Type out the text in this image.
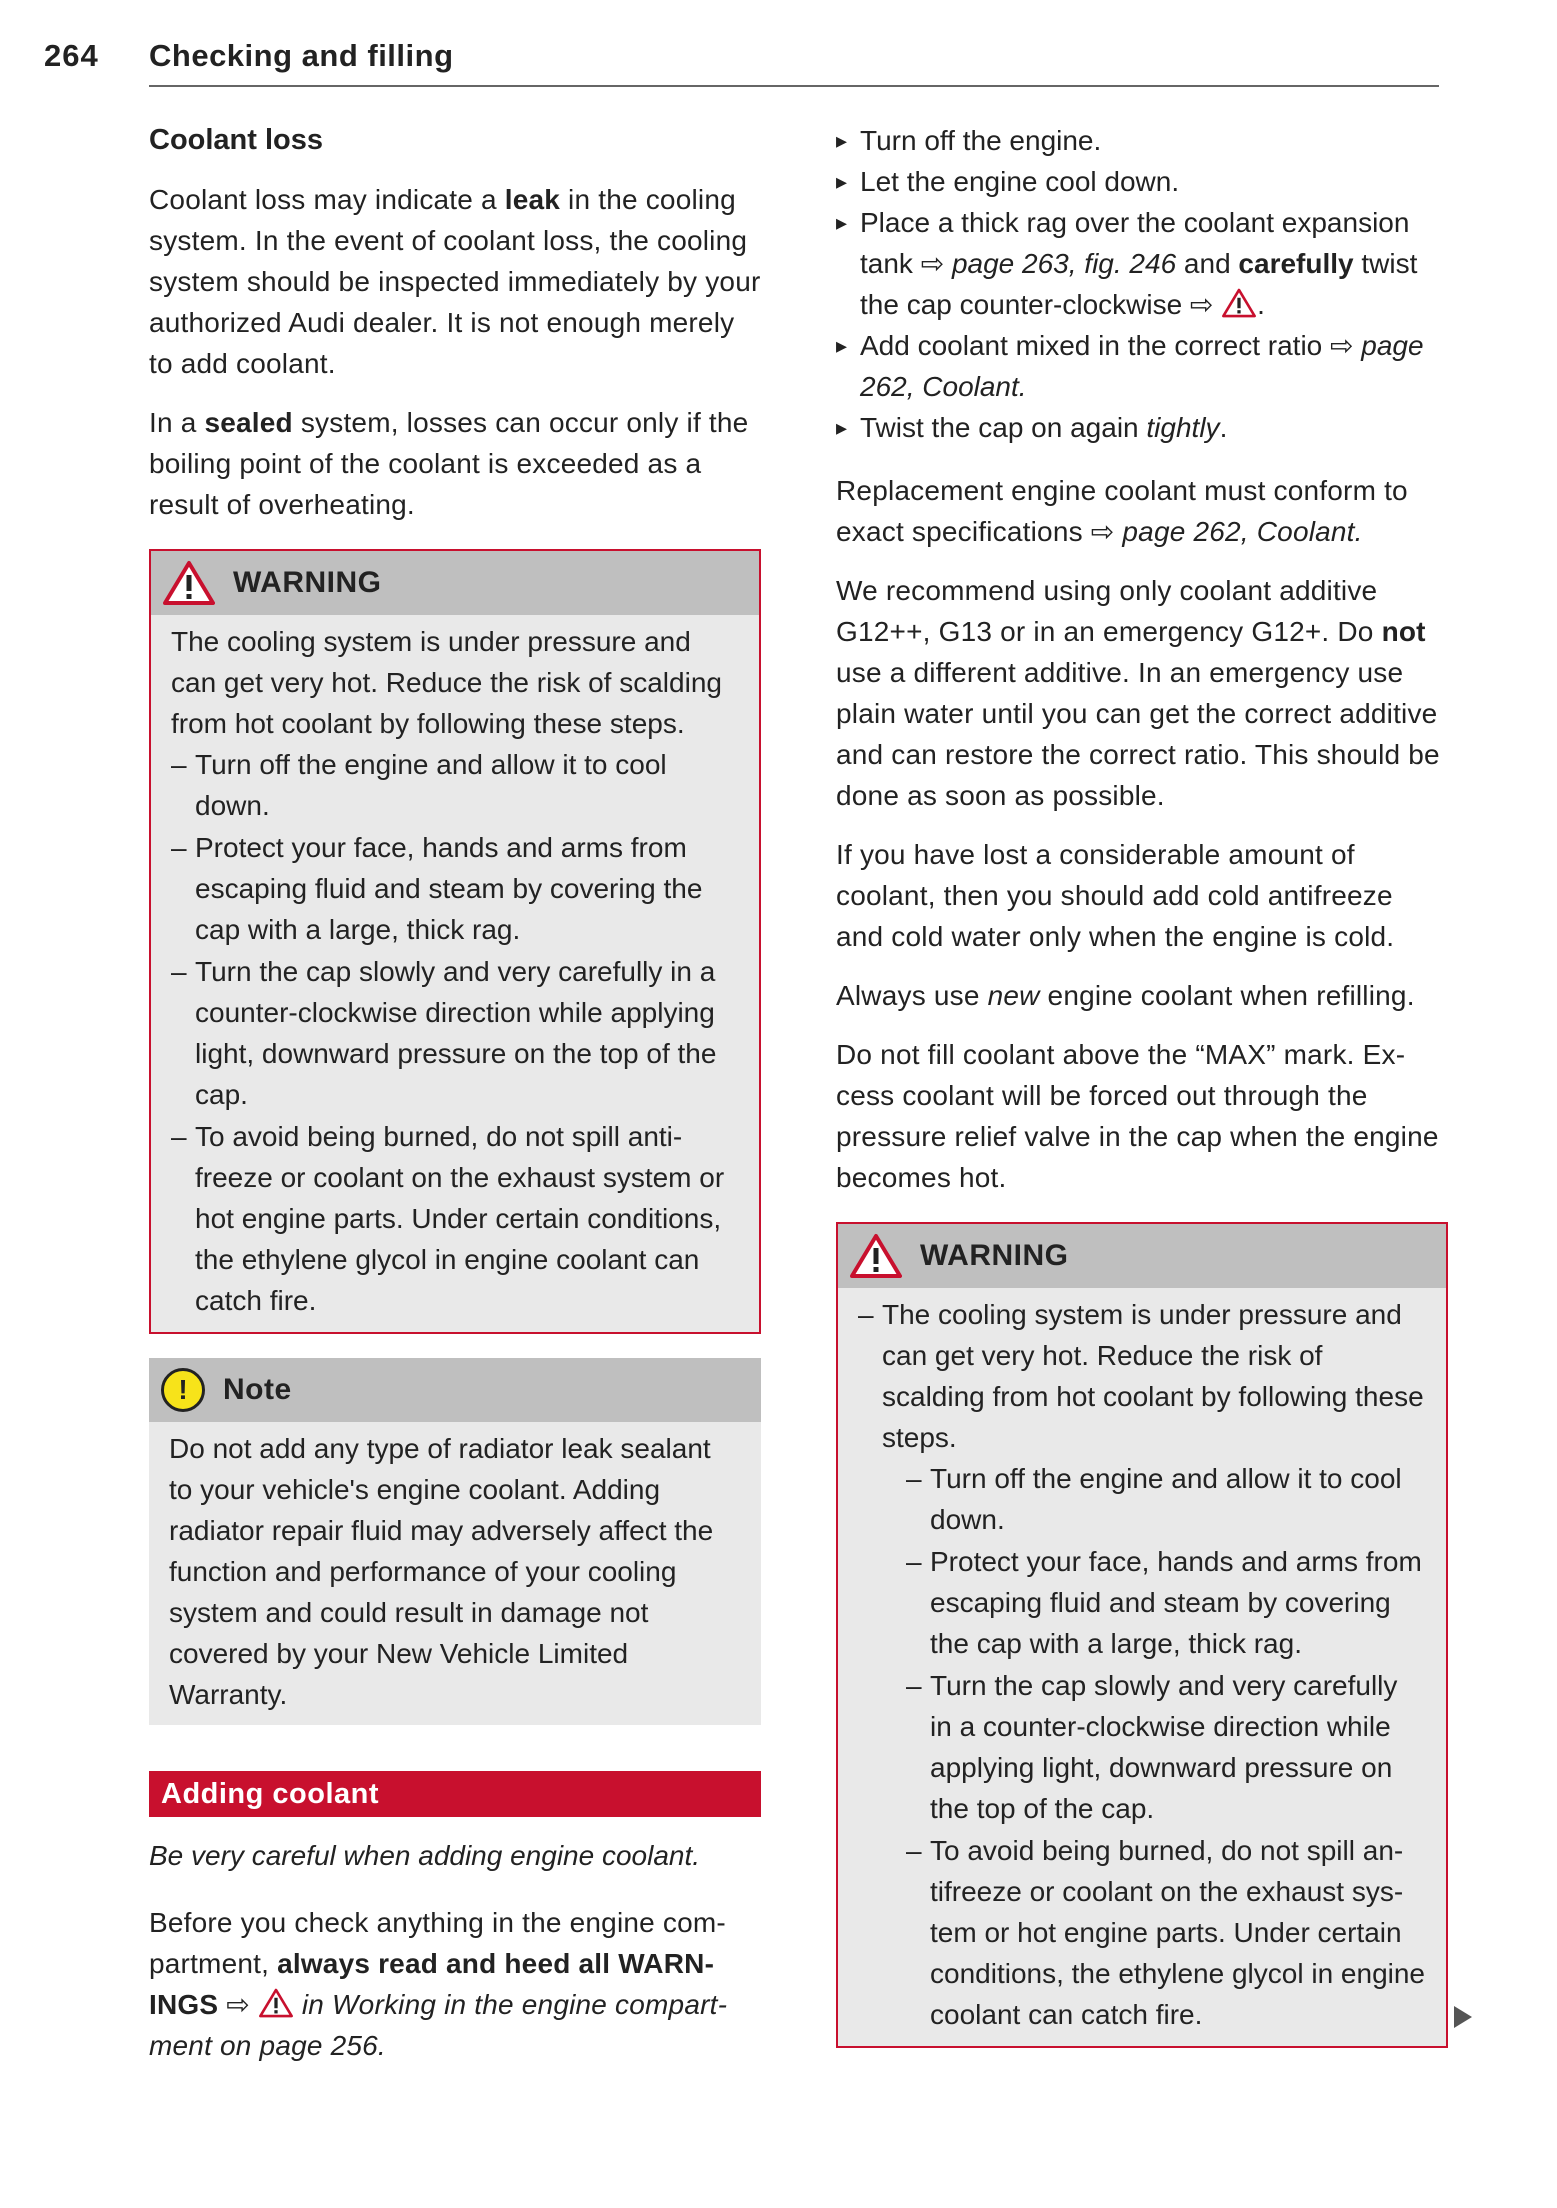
264 Checking and filling
Coolant loss

Coolant loss may indicate a leak in the cooling system. In the event of coolant loss, the cooling system should be inspected immediately by your authorized Audi dealer. It is not enough merely to add coolant.

In a sealed system, losses can occur only if the boiling point of the coolant is exceeded as a result of overheating.

WARNING

The cooling system is under pressure and can get very hot. Reduce the risk of scalding from hot coolant by following these steps.

– Turn off the engine and allow it to cool down.
– Protect your face, hands and arms from escaping fluid and steam by covering the cap with a large, thick rag.
– Turn the cap slowly and very carefully in a counter-clockwise direction while applying light, downward pressure on the top of the cap.
– To avoid being burned, do not spill antifreeze or coolant on the exhaust system or hot engine parts. Under certain conditions, the ethylene glycol in engine coolant can catch fire.
!	Note

Do not add any type of radiator leak sealant to your vehicle's engine coolant. Adding radiator repair fluid may adversely affect the function and performance of your cooling system and could result in damage not covered by your New Vehicle Limited Warranty.

Adding coolant

Be very careful when adding engine coolant.

Before you check anything in the engine compartment, always read and heed all WARNINGS ⇨  in Working in the engine compartment on page 256.

▸ Turn off the engine.
▸ Let the engine cool down.
▸ Place a thick rag over the coolant expansion tank ⇨ page 263, fig. 246 and carefully twist the cap counter-clockwise ⇨ .
▸ Add coolant mixed in the correct ratio ⇨ page 262, Coolant.
▸ Twist the cap on again tightly.

Replacement engine coolant must conform to exact specifications ⇨ page 262, Coolant.

We recommend using only coolant additive G12++, G13 or in an emergency G12+. Do not use a different additive. In an emergency use plain water until you can get the correct additive and can restore the correct ratio. This should be done as soon as possible.

If you have lost a considerable amount of coolant, then you should add cold antifreeze and cold water only when the engine is cold.

Always use new engine coolant when refilling.

Do not fill coolant above the “MAX” mark. Excess coolant will be forced out through the pressure relief valve in the cap when the engine becomes hot.

WARNING
– The cooling system is under pressure and can get very hot. Reduce the risk of scalding from hot coolant by following these steps.
– Turn off the engine and allow it to cool down.
– Protect your face, hands and arms from escaping fluid and steam by covering the cap with a large, thick rag.
– Turn the cap slowly and very carefully in a counter-clockwise direction while applying light, downward pressure on the top of the cap.
– To avoid being burned, do not spill antifreeze or coolant on the exhaust system or hot engine parts. Under certain conditions, the ethylene glycol in engine coolant can catch fire.
